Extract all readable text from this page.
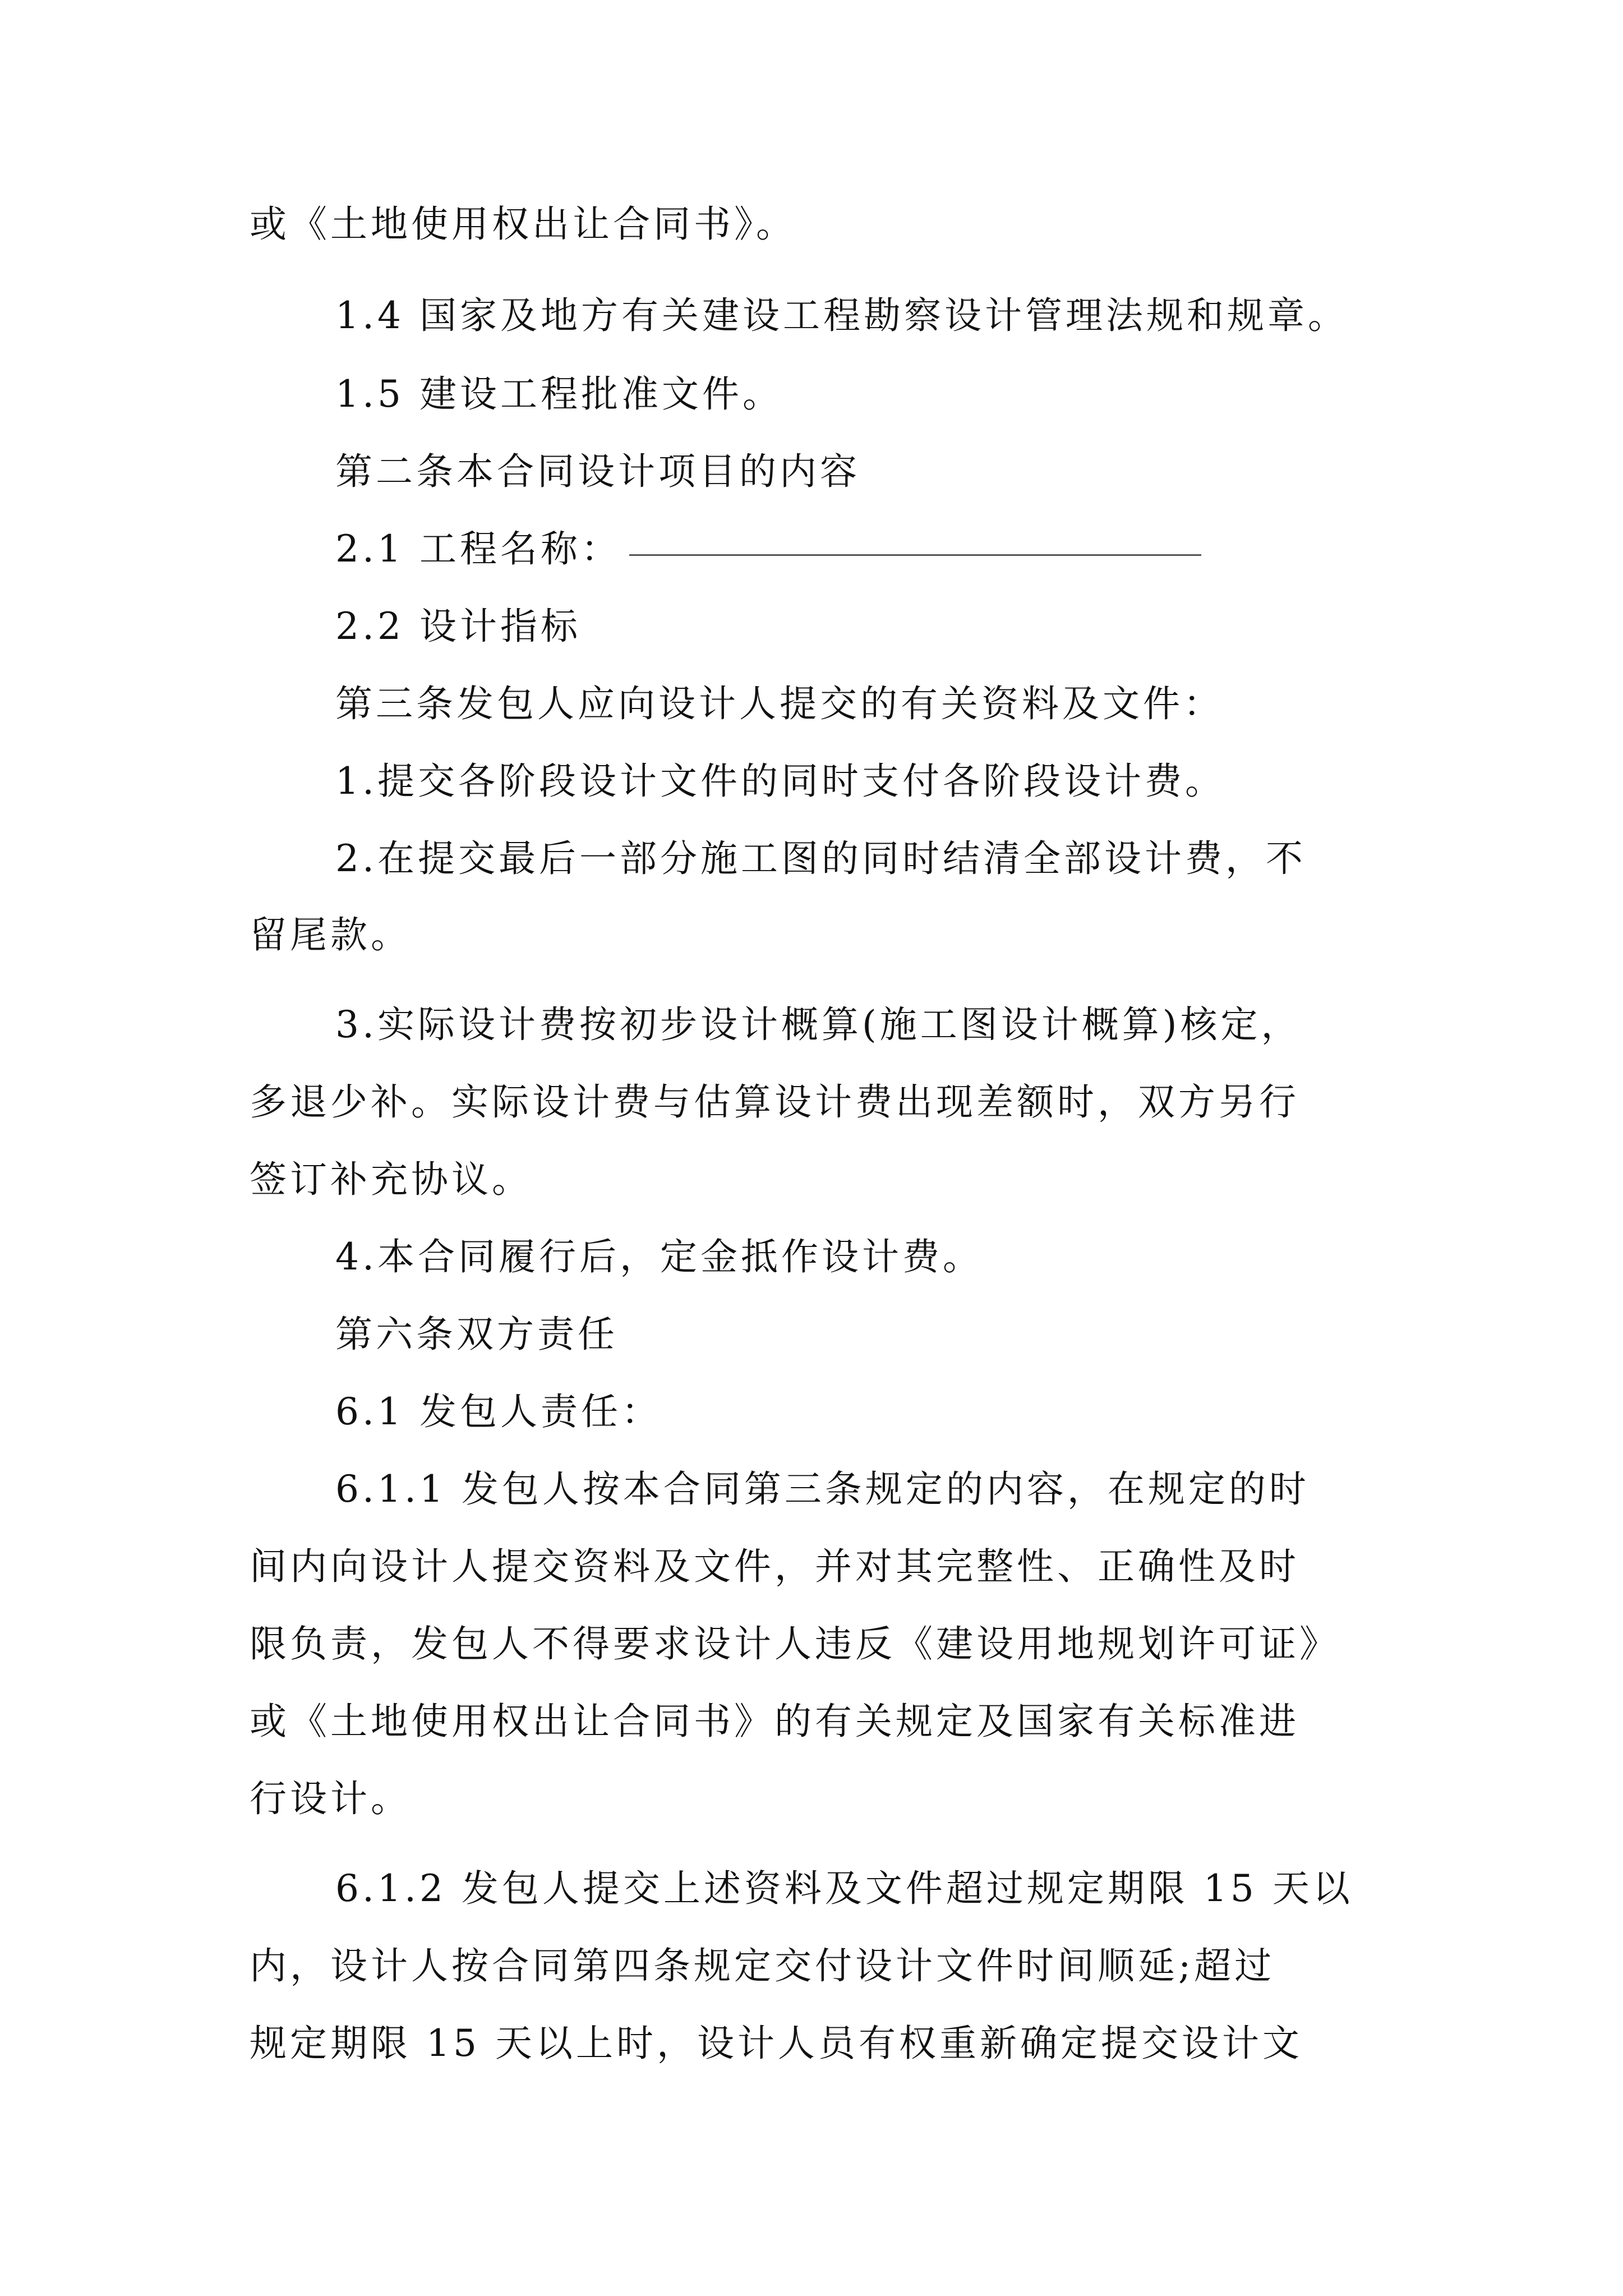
或《土地使用权出让合同书》。
1.4 国家及地方有关建设工程勘察设计管理法规和规章。
1.5 建设工程批准文件。
第二条本合同设计项目的内容
2.1 工程名称：
2.2 设计指标
第三条发包人应向设计人提交的有关资料及文件：
1.提交各阶段设计文件的同时支付各阶段设计费。
2.在提交最后一部分施工图的同时结清全部设计费，不
留尾款。
3.实际设计费按初步设计概算(施工图设计概算)核定，
多退少补。实际设计费与估算设计费出现差额时，双方另行
签订补充协议。
4.本合同履行后，定金抵作设计费。
第六条双方责任
6.1 发包人责任：
6.1.1 发包人按本合同第三条规定的内容，在规定的时
间内向设计人提交资料及文件，并对其完整性、正确性及时
限负责，发包人不得要求设计人违反《建设用地规划许可证》
或《土地使用权出让合同书》的有关规定及国家有关标准进
行设计。
6.1.2 发包人提交上述资料及文件超过规定期限 15 天以
内，设计人按合同第四条规定交付设计文件时间顺延;超过
规定期限 15 天以上时，设计人员有权重新确定提交设计文
